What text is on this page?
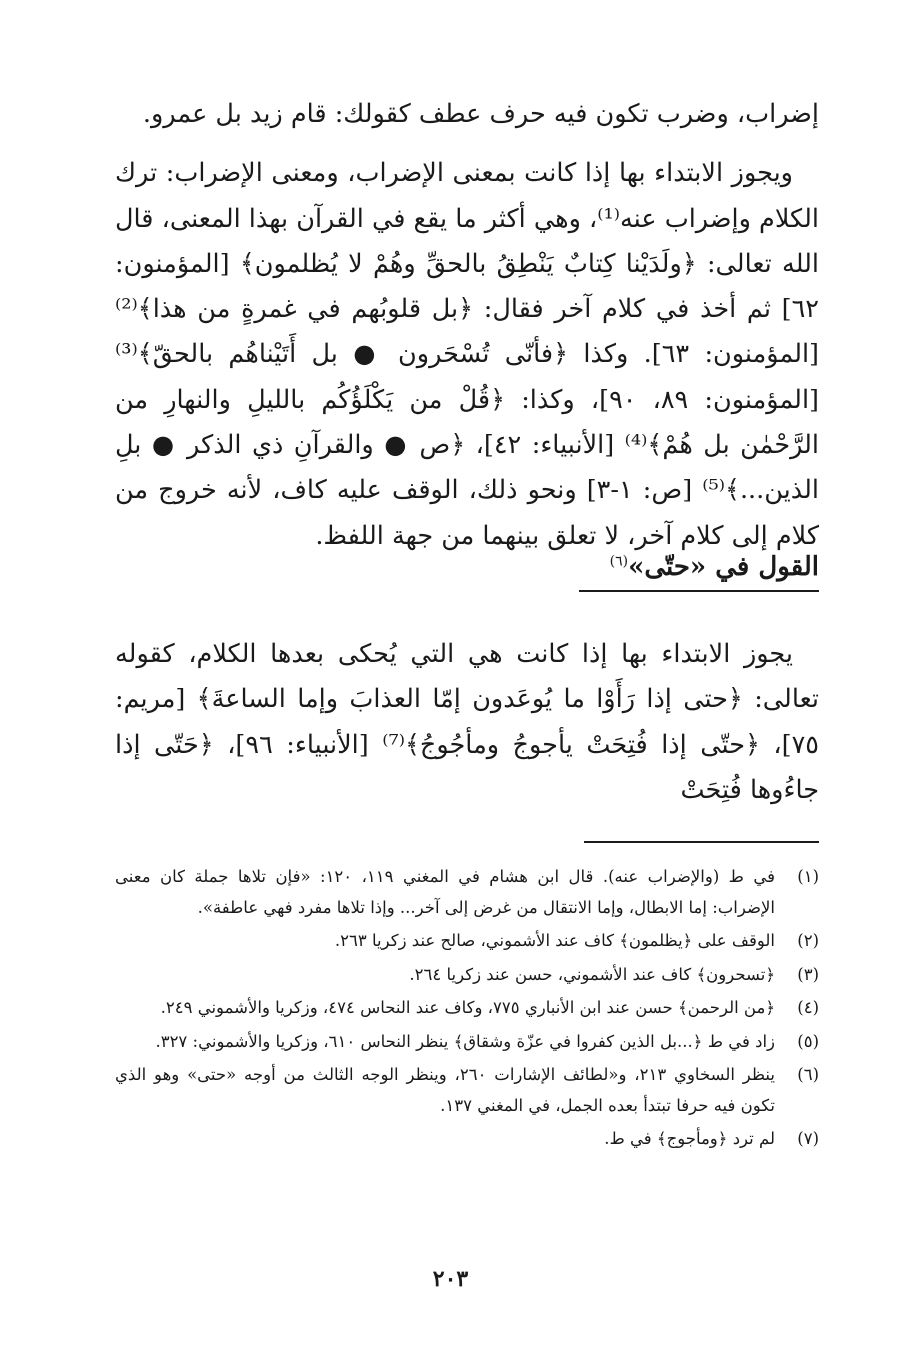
إضراب، وضرب تكون فيه حرف عطف كقولك: قام زيد بل عمرو.

ويجوز الابتداء بها إذا كانت بمعنى الإضراب، ومعنى الإضراب: ترك الكلام وإضراب عنه⁽¹⁾، وهي أكثر ما يقع في القرآن بهذا المعنى، قال الله تعالى: ﴿ولَدَيْنا كِتابٌ يَنْطِقُ بالحقِّ وهُمْ لا يُظلمون﴾ [المؤمنون: ٦٢] ثم أخذ في كلام آخر فقال: ﴿بل قلوبُهم في غمرةٍ من هذا﴾⁽²⁾ [المؤمنون: ٦٣]. وكذا ﴿فأنّى تُسْحَرون ● بل أَتَيْناهُم بالحقّ﴾⁽³⁾ [المؤمنون: ٨٩، ٩٠]، وكذا: ﴿قُلْ من يَكْلَؤُكُم بالليلِ والنهارِ من الرَّحْمٰن بل هُمْ﴾⁽⁴⁾ [الأنبياء: ٤٢]، ﴿ص ● والقرآنِ ذي الذكر ● بلِ الذين...﴾⁽⁵⁾ [ص: ١-٣] ونحو ذلك، الوقف عليه كاف، لأنه خروج من كلام إلى كلام آخر، لا تعلق بينهما من جهة اللفظ.

القول في «حتّى»$^{(٦)}$

يجوز الابتداء بها إذا كانت هي التي يُحكى بعدها الكلام، كقوله تعالى: ﴿حتى إذا رَأَوْا ما يُوعَدون إمّا العذابَ وإما الساعةَ﴾ [مريم: ٧٥]، ﴿حتّى إذا فُتِحَتْ يأجوجُ ومأجُوجُ﴾⁽⁷⁾ [الأنبياء: ٩٦]، ﴿حَتّى إذا جاءُوها فُتِحَتْ

(١)
في ط (والإضراب عنه). قال ابن هشام في المغني ١١٩، ١٢٠: «فإن تلاها جملة كان معنى الإضراب: إما الابطال، وإما الانتقال من غرض إلى آخر... وإذا تلاها مفرد فهي عاطفة».
(٢)
الوقف على ﴿يظلمون﴾ كاف عند الأشموني، صالح عند زكريا ٢٦٣.
(٣)
﴿تسحرون﴾ كاف عند الأشموني، حسن عند زكريا ٢٦٤.
(٤)
﴿من الرحمن﴾ حسن عند ابن الأنباري ٧٧٥، وكاف عند النحاس ٤٧٤، وزكريا والأشموني ٢٤٩.
(٥)
زاد في ط ﴿...بل الذين كفروا في عزّة وشقاق﴾ ينظر النحاس ٦١٠، وزكريا والأشموني: ٣٢٧.
(٦)
ينظر السخاوي ٢١٣، و«لطائف الإشارات ٢٦٠، وينظر الوجه الثالث من أوجه «حتى» وهو الذي تكون فيه حرفا تبتدأ بعده الجمل، في المغني ١٣٧.
(٧)
لم ترد ﴿ومأجوج﴾ في ط.
٢٠٣
